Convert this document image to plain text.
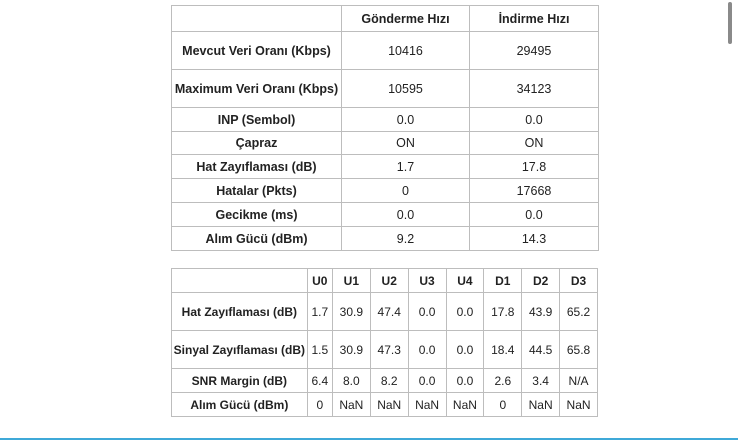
	Gönderme Hızı	İndirme Hızı
Mevcut Veri Oranı (Kbps)	10416	29495
Maximum Veri Oranı (Kbps)	10595	34123
INP (Sembol)	0.0	0.0
Çapraz	ON	ON
Hat Zayıflaması (dB)	1.7	17.8
Hatalar (Pkts)	0	17668
Gecikme (ms)	0.0	0.0
Alım Gücü (dBm)	9.2	14.3
	U0	U1	U2	U3	U4	D1	D2	D3
Hat Zayıflaması (dB)	1.7	30.9	47.4	0.0	0.0	17.8	43.9	65.2
Sinyal Zayıflaması (dB)	1.5	30.9	47.3	0.0	0.0	18.4	44.5	65.8
SNR Margin (dB)	6.4	8.0	8.2	0.0	0.0	2.6	3.4	N/A
Alım Gücü (dBm)	0	NaN	NaN	NaN	NaN	0	NaN	NaN
